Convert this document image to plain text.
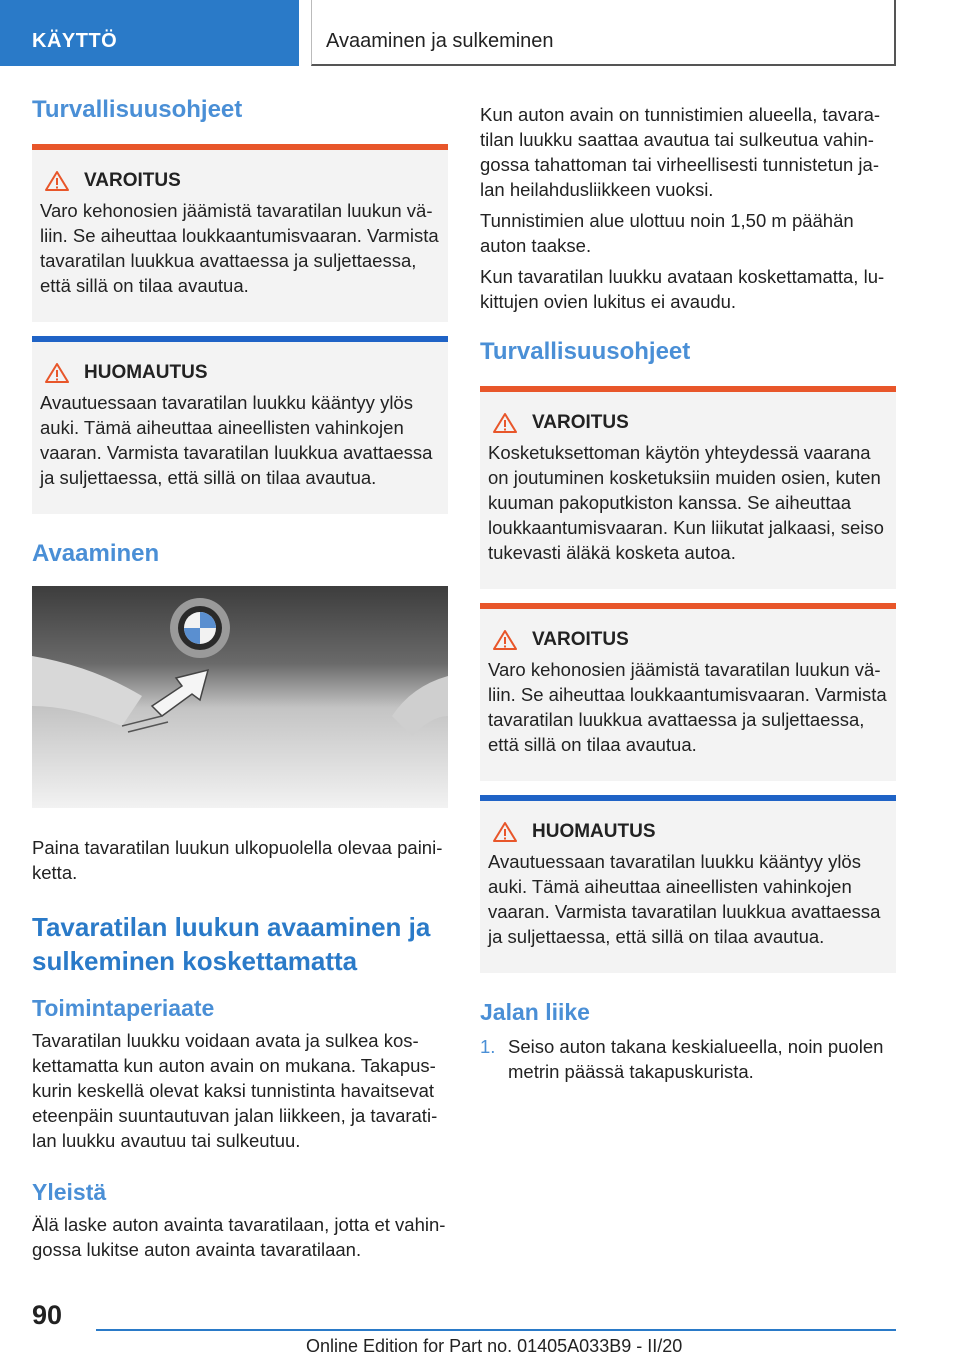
KÄYTTÖ	Avaaminen ja sulkeminen
Turvallisuusohjeet
VAROITUS
Varo kehonosien jäämistä tavaratilan luukun väliin. Se aiheuttaa loukkaantumisvaaran. Varmista tavaratilan luukkua avattaessa ja suljettaessa, että sillä on tilaa avautua.
HUOMAUTUS
Avautuessaan tavaratilan luukku kääntyy ylös auki. Tämä aiheuttaa aineellisten vahinkojen vaaran. Varmista tavaratilan luukkua avattaessa ja suljettaessa, että sillä on tilaa avautua.
Avaaminen

Paina tavaratilan luukun ulkopuolella olevaa painiketta.

Tavaratilan luukun avaaminen ja sulkeminen koskettamatta
Toimintaperiaate

Tavaratilan luukku voidaan avata ja sulkea koskettamatta kun auton avain on mukana. Takapuskurin keskellä olevat kaksi tunnistinta havaitsevat eteenpäin suuntautuvan jalan liikkeen, ja tavaratilan luukku avautuu tai sulkeutuu.

Yleistä

Älä laske auton avainta tavaratilaan, jotta et vahingossa lukitse auton avainta tavaratilaan.

Kun auton avain on tunnistimien alueella, tavaratilan luukku saattaa avautua tai sulkeutua vahingossa tahattoman tai virheellisesti tunnistetun jalan heilahdusliikkeen vuoksi.

Tunnistimien alue ulottuu noin 1,50 m päähän auton taakse.

Kun tavaratilan luukku avataan koskettamatta, lukittujen ovien lukitus ei avaudu.

Turvallisuusohjeet
VAROITUS
Kosketuksettoman käytön yhteydessä vaarana on joutuminen kosketuksiin muiden osien, kuten kuuman pakoputkiston kanssa. Se aiheuttaa loukkaantumisvaaran. Kun liikutat jalkaasi, seiso tukevasti äläkä kosketa autoa.
VAROITUS
Varo kehonosien jäämistä tavaratilan luukun väliin. Se aiheuttaa loukkaantumisvaaran. Varmista tavaratilan luukkua avattaessa ja suljettaessa, että sillä on tilaa avautua.
HUOMAUTUS
Avautuessaan tavaratilan luukku kääntyy ylös auki. Tämä aiheuttaa aineellisten vahinkojen vaaran. Varmista tavaratilan luukkua avattaessa ja suljettaessa, että sillä on tilaa avautua.
Jalan liike
1. Seiso auton takana keskialueella, noin puolen metrin päässä takapuskurista.
90
Online Edition for Part no. 01405A033B9 - II/20
